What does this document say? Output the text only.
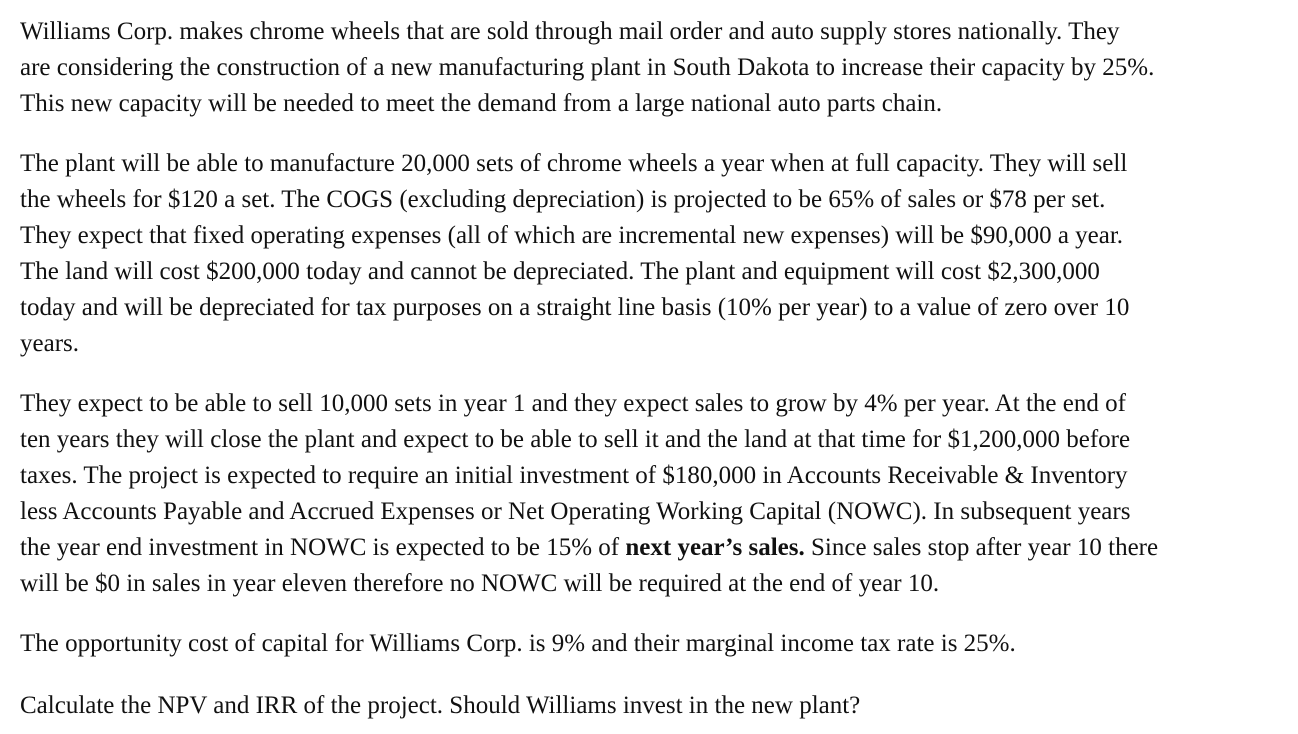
Williams Corp. makes chrome wheels that are sold through mail order and auto supply stores nationally. They
are considering the construction of a new manufacturing plant in South Dakota to increase their capacity by 25%.
This new capacity will be needed to meet the demand from a large national auto parts chain.
The plant will be able to manufacture 20,000 sets of chrome wheels a year when at full capacity. They will sell
the wheels for $120 a set. The COGS (excluding depreciation) is projected to be 65% of sales or $78 per set.
They expect that fixed operating expenses (all of which are incremental new expenses) will be $90,000 a year.
The land will cost $200,000 today and cannot be depreciated. The plant and equipment will cost $2,300,000
today and will be depreciated for tax purposes on a straight line basis (10% per year) to a value of zero over 10
years.
They expect to be able to sell 10,000 sets in year 1 and they expect sales to grow by 4% per year. At the end of
ten years they will close the plant and expect to be able to sell it and the land at that time for $1,200,000 before
taxes. The project is expected to require an initial investment of $180,000 in Accounts Receivable & Inventory
less Accounts Payable and Accrued Expenses or Net Operating Working Capital (NOWC). In subsequent years
the year end investment in NOWC is expected to be 15% of next year’s sales. Since sales stop after year 10 there
will be $0 in sales in year eleven therefore no NOWC will be required at the end of year 10.
The opportunity cost of capital for Williams Corp. is 9% and their marginal income tax rate is 25%.
Calculate the NPV and IRR of the project. Should Williams invest in the new plant?
